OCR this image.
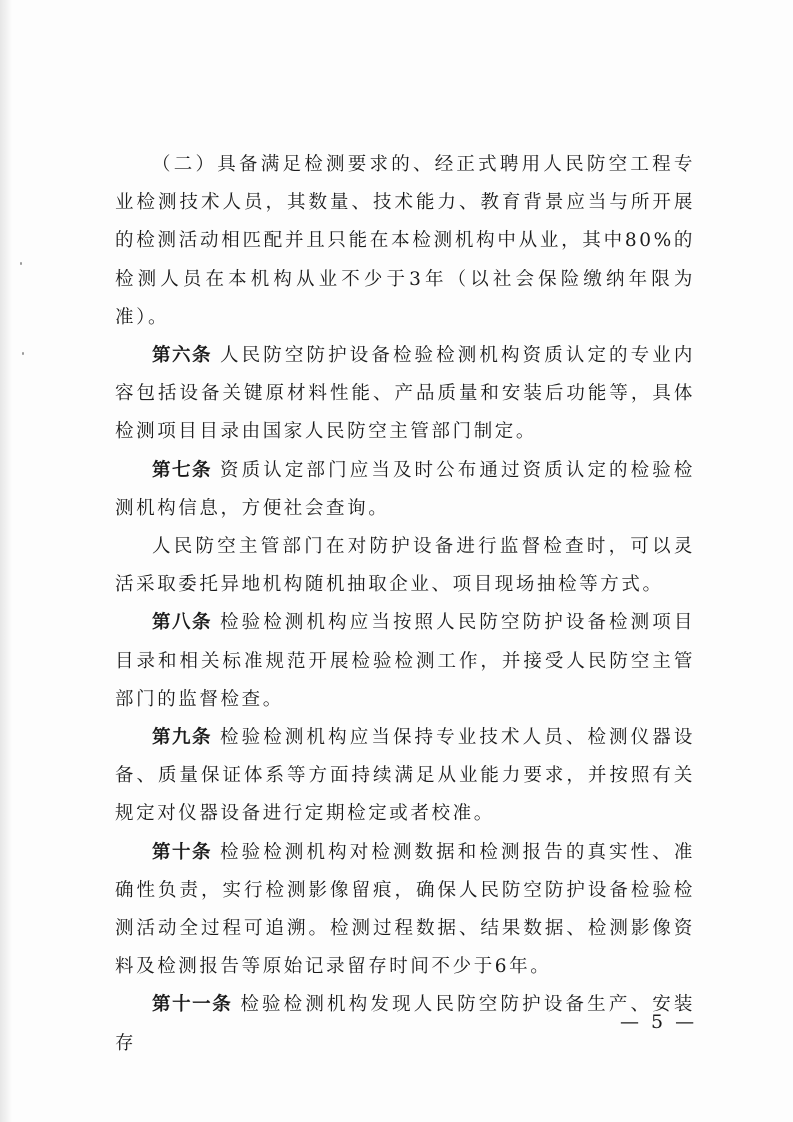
（二）具备满足检测要求的、经正式聘用人民防空工程专业检测技术人员，其数量、技术能力、教育背景应当与所开展的检测活动相匹配并且只能在本检测机构中从业，其中80%的检测人员在本机构从业不少于3年（以社会保险缴纳年限为准）。

第六条 人民防空防护设备检验检测机构资质认定的专业内容包括设备关键原材料性能、产品质量和安装后功能等，具体检测项目目录由国家人民防空主管部门制定。

第七条 资质认定部门应当及时公布通过资质认定的检验检测机构信息，方便社会查询。

人民防空主管部门在对防护设备进行监督检查时，可以灵活采取委托异地机构随机抽取企业、项目现场抽检等方式。

第八条 检验检测机构应当按照人民防空防护设备检测项目目录和相关标准规范开展检验检测工作，并接受人民防空主管部门的监督检查。

第九条 检验检测机构应当保持专业技术人员、检测仪器设备、质量保证体系等方面持续满足从业能力要求，并按照有关规定对仪器设备进行定期检定或者校准。

第十条 检验检测机构对检测数据和检测报告的真实性、准确性负责，实行检测影像留痕，确保人民防空防护设备检验检测活动全过程可追溯。检测过程数据、结果数据、检测影像资料及检测报告等原始记录留存时间不少于6年。

第十一条 检验检测机构发现人民防空防护设备生产、安装存

— 5 —
